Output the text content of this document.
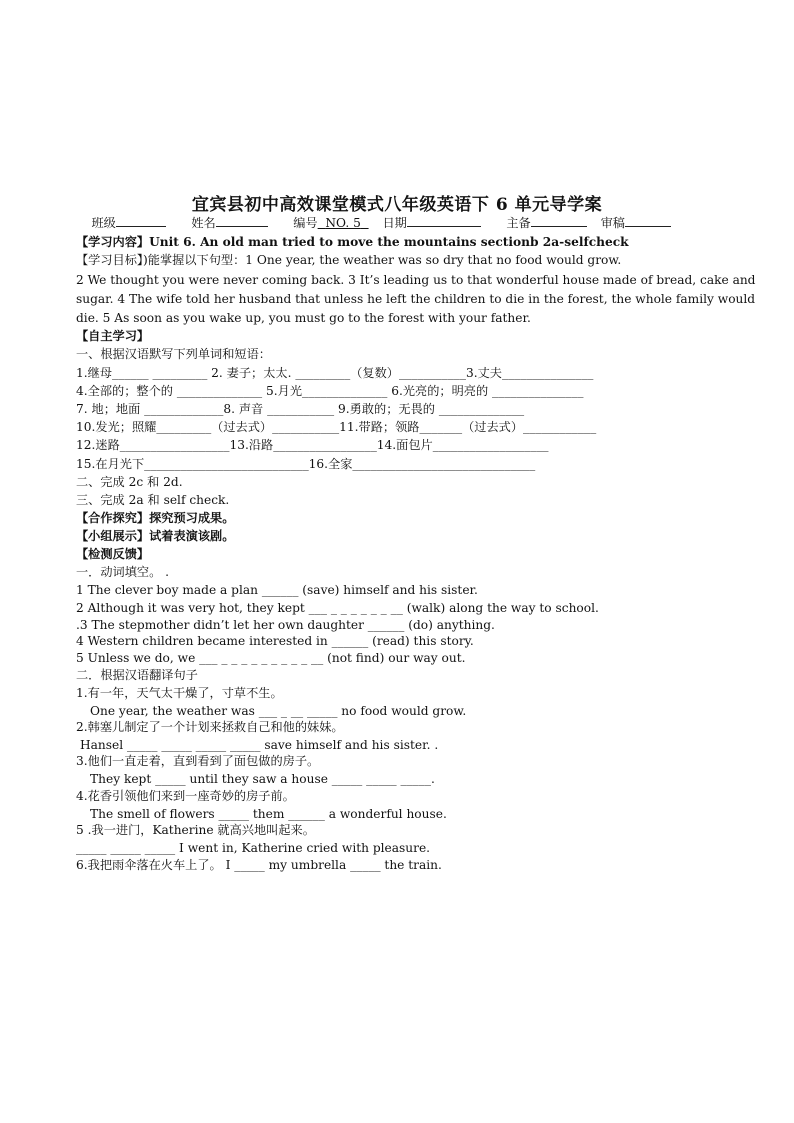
宜宾县初中高效课堂模式八年级英语下 6 单元导学案
班级	姓名	编号 NO. 5 日期	主备	审稿
【学习内容】Unit 6. An old man tried to move the mountains sectionb 2a-selfcheck
【学习目标】)能掌握以下句型：1 One year, the weather was so dry that no food would grow.
2 We thought you were never coming back. 3 It’s leading us to that wonderful house made of bread, cake and
sugar. 4 The wife told her husband that unless he left the children to die in the forest, the whole family would
die. 5 As soon as you wake up, you must go to the forest with your father.
【自主学习】
一、根据汉语默写下列单词和短语：
1.继母______ _________ 2. 妻子；太太. _________（复数）___________3.丈夫_______________
4.全部的；整个的 ______________ 5.月光______________ 6.光亮的；明亮的 _______________
7. 地；地面 _____________8. 声音 ___________ 9.勇敢的；无畏的 ______________
10.发光；照耀_________（过去式）___________11.带路；领路_______（过去式）____________
12.迷路__________________13.沿路_________________14.面包片___________________
15.在月光下___________________________16.全家______________________________
二、完成 2c 和 2d.
三、完成 2a 和 self check.
【合作探究】探究预习成果。
【小组展示】试着表演该剧。
【检测反馈】
一．动词填空。 .
1 The clever boy made a plan ______ (save) himself and his sister.
2 Although it was very hot, they kept ___ _ _ _ _ _ _ __ (walk) along the way to school.
.3 The stepmother didn’t let her own daughter ______ (do) anything.
4 Western children became interested in ______ (read) this story.
5 Unless we do, we ___ _ _ _ _ _ _ _ _ _ __ (not find) our way out.
二．根据汉语翻译句子
1.有一年，天气太干燥了，寸草不生。
One year, the weather was ___ _ __ _____ no food would grow.
2.韩塞儿制定了一个计划来拯救自己和他的妹妹。
Hansel _____ _____ _____ _____ save himself and his sister. .
3.他们一直走着，直到看到了面包做的房子。
They kept _____ until they saw a house _____ _____ _____.
4.花香引领他们来到一座奇妙的房子前。
The smell of flowers _____ them ______ a wonderful house.
5 .我一进门，Katherine 就高兴地叫起来。
_____ _____ _____ I went in, Katherine cried with pleasure.
6.我把雨伞落在火车上了。 I _____ my umbrella _____ the train.
